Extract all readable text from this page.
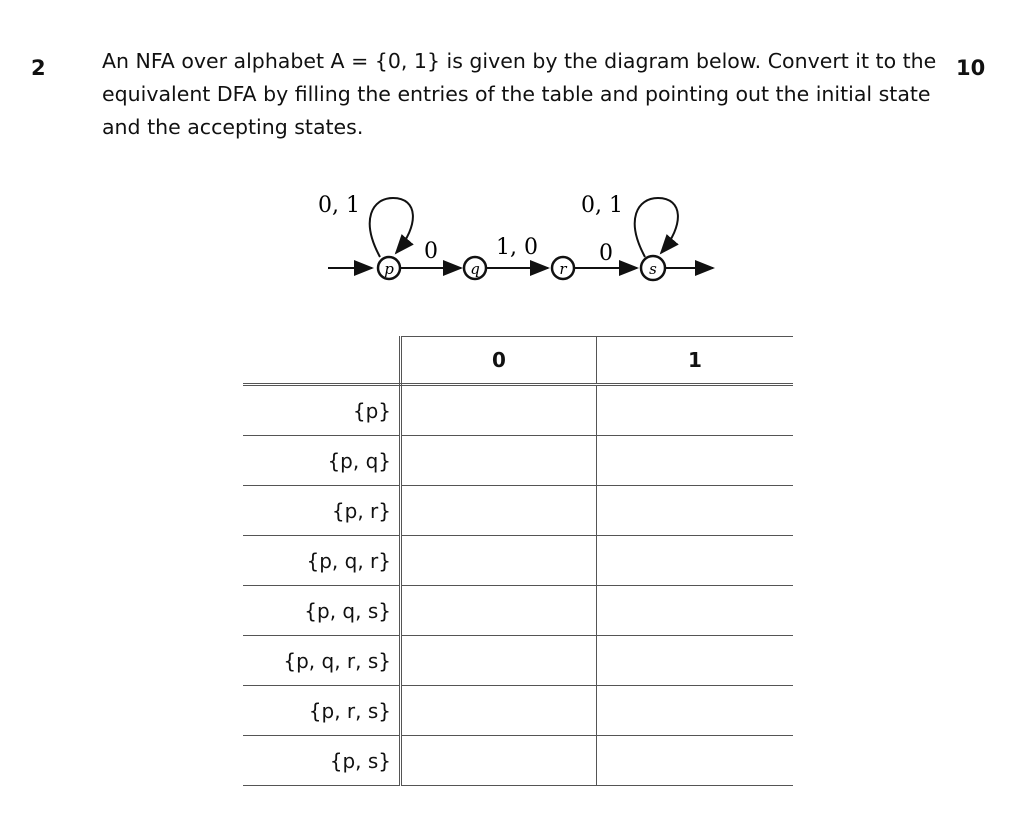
2	An NFA over alphabet A = {0, 1} is given by the diagram below. Convert it to the equivalent DFA by filling the entries of the table and pointing out the initial state and the accepting states.
10
0, 1
p
0
q
1, 0
r
0
0, 1
s
	0	1
{p}		
{p, q}		
{p, r}		
{p, q, r}		
{p, q, s}		
{p, q, r, s}		
{p, r, s}		
{p, s}		
